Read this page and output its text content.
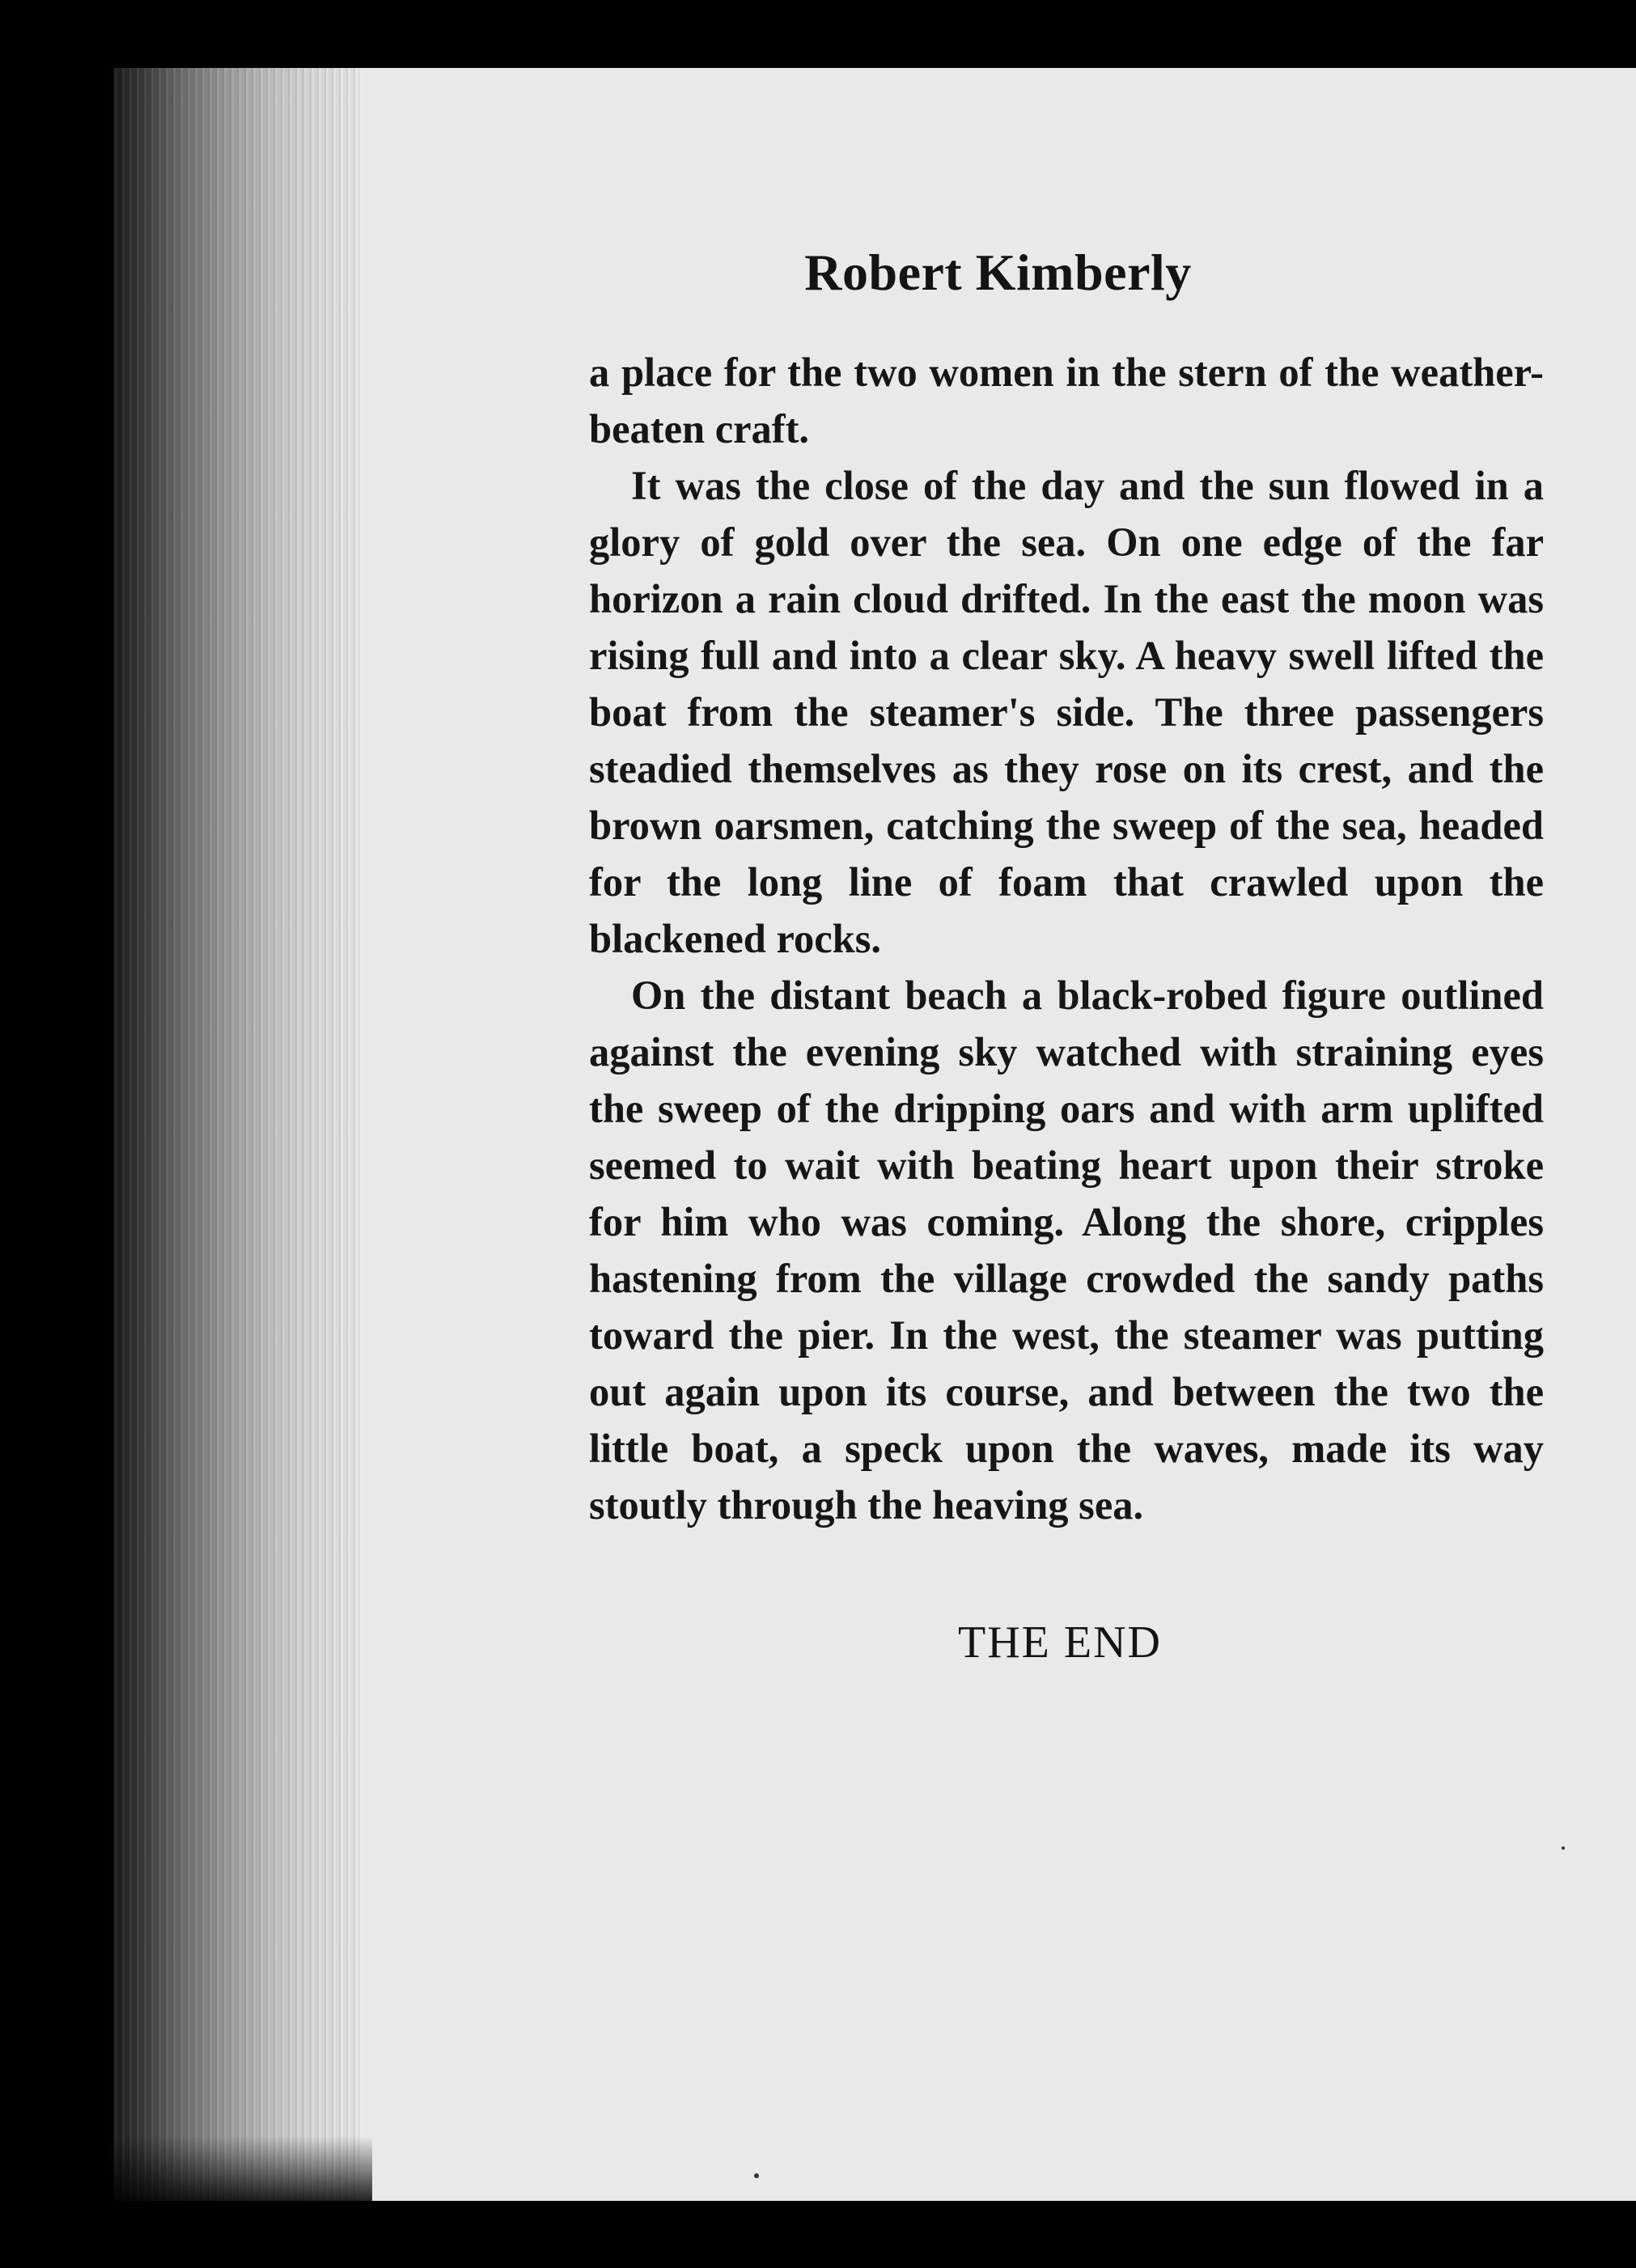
Robert Kimberly

a place for the two women in the stern of the weather-beaten craft.

It was the close of the day and the sun flowed in a glory of gold over the sea. On one edge of the far horizon a rain cloud drifted. In the east the moon was rising full and into a clear sky. A heavy swell lifted the boat from the steamer's side. The three passengers steadied themselves as they rose on its crest, and the brown oarsmen, catching the sweep of the sea, headed for the long line of foam that crawled upon the blackened rocks.

On the distant beach a black-robed figure outlined against the evening sky watched with straining eyes the sweep of the dripping oars and with arm uplifted seemed to wait with beating heart upon their stroke for him who was coming. Along the shore, cripples hastening from the village crowded the sandy paths toward the pier. In the west, the steamer was putting out again upon its course, and between the two the little boat, a speck upon the waves, made its way stoutly through the heaving sea.

THE END
